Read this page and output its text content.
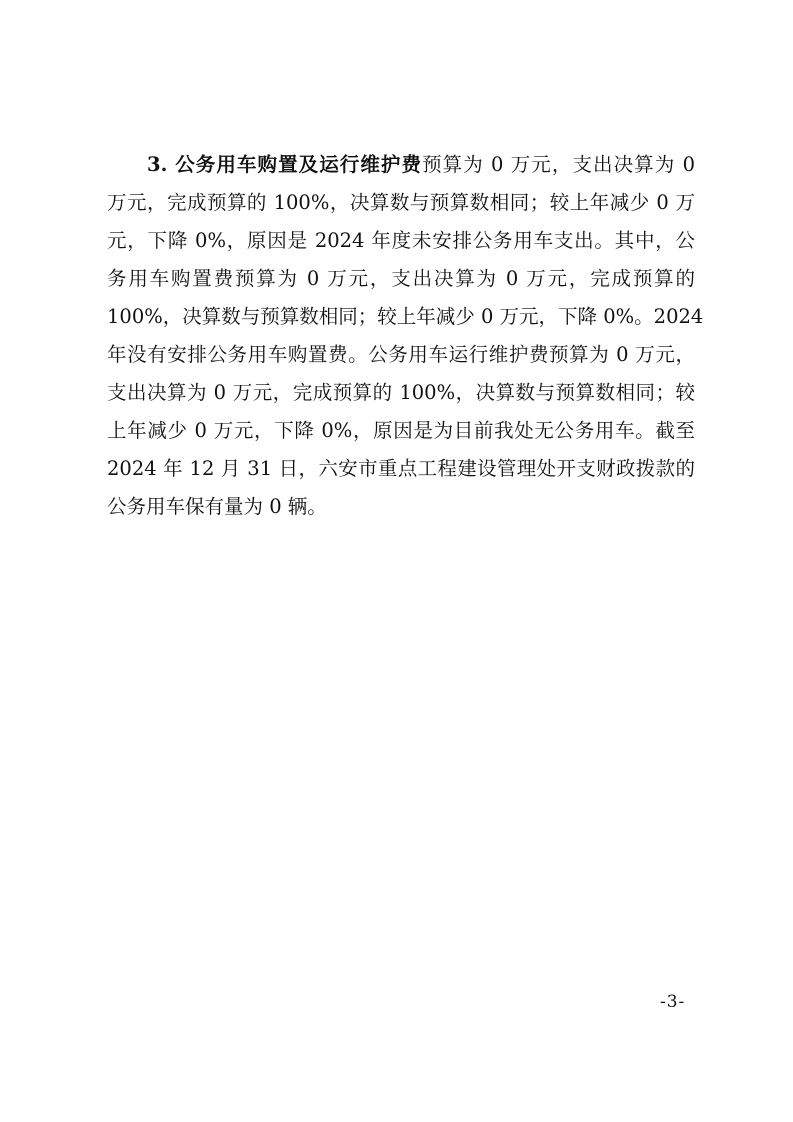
3. 公务用车购置及运行维护费预算为 0 万元，支出决算为 0
万元，完成预算的 100%，决算数与预算数相同；较上年减少 0 万
元，下降 0%，原因是 2024 年度未安排公务用车支出。其中，公
务用车购置费预算为 0 万元，支出决算为 0 万元，完成预算的
100%，决算数与预算数相同；较上年减少 0 万元，下降 0%。2024
年没有安排公务用车购置费。公务用车运行维护费预算为 0 万元，
支出决算为 0 万元，完成预算的 100%，决算数与预算数相同；较
上年减少 0 万元，下降 0%，原因是为目前我处无公务用车。截至
2024 年 12 月 31 日，六安市重点工程建设管理处开支财政拨款的
公务用车保有量为 0 辆。
-3-
